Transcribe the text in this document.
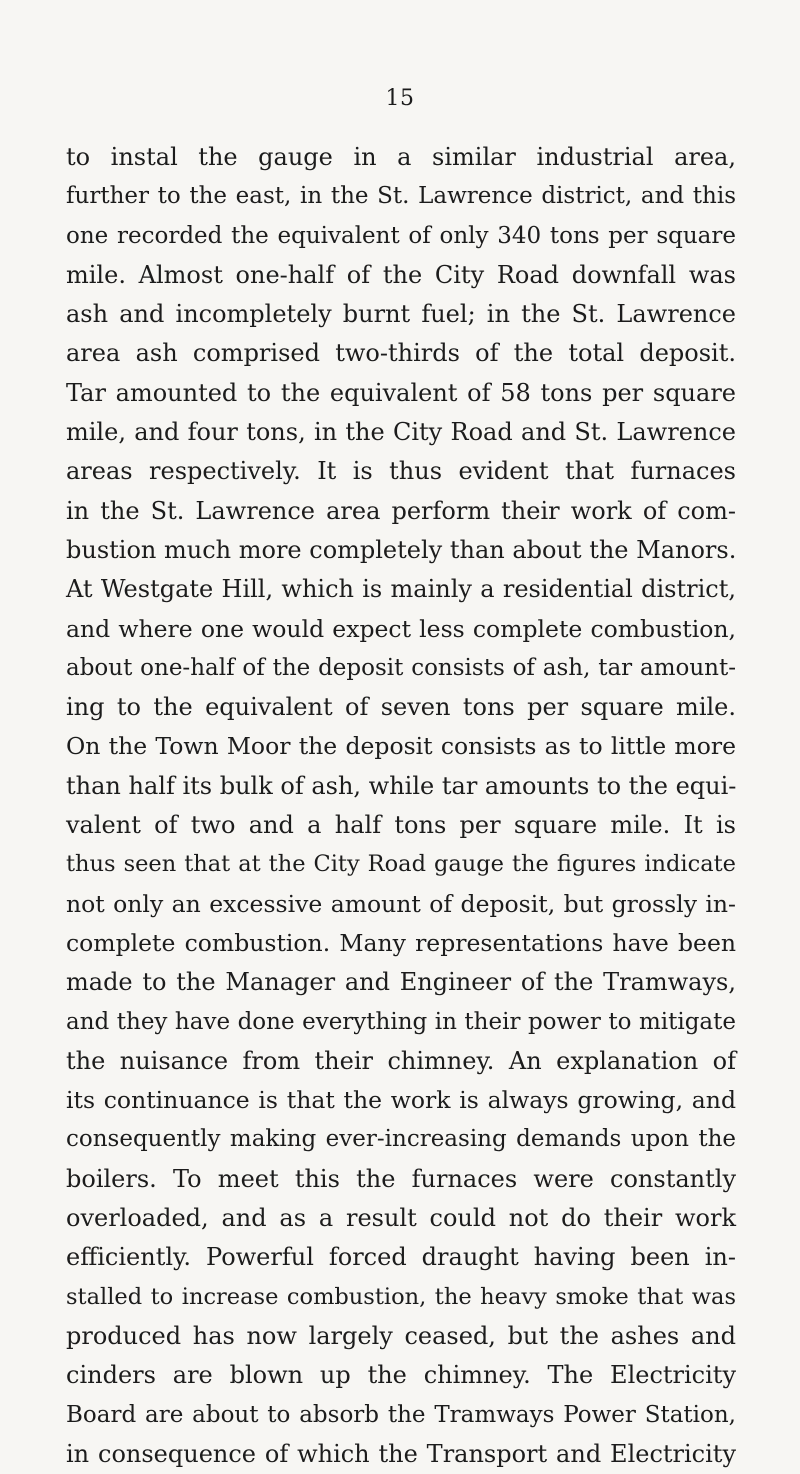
15
to instal the gauge in a similar industrial area,
further to the east, in the St. Lawrence district, and this
one recorded the equivalent of only 340 tons per square
mile. Almost one-half of the City Road downfall was
ash and incompletely burnt fuel; in the St. Lawrence
area ash comprised two-thirds of the total deposit.
Tar amounted to the equivalent of 58 tons per square
mile, and four tons, in the City Road and St. Lawrence
areas respectively. It is thus evident that furnaces
in the St. Lawrence area perform their work of com-
bustion much more completely than about the Manors.
At Westgate Hill, which is mainly a residential district,
and where one would expect less complete combustion,
about one-half of the deposit consists of ash, tar amount-
ing to the equivalent of seven tons per square mile.
On the Town Moor the deposit consists as to little more
than half its bulk of ash, while tar amounts to the equi-
valent of two and a half tons per square mile. It is
thus seen that at the City Road gauge the figures indicate
not only an excessive amount of deposit, but grossly in-
complete combustion. Many representations have been
made to the Manager and Engineer of the Tramways,
and they have done everything in their power to mitigate
the nuisance from their chimney. An explanation of
its continuance is that the work is always growing, and
consequently making ever-increasing demands upon the
boilers. To meet this the furnaces were constantly
overloaded, and as a result could not do their work
efficiently. Powerful forced draught having been in-
stalled to increase combustion, the heavy smoke that was
produced has now largely ceased, but the ashes and
cinders are blown up the chimney. The Electricity
Board are about to absorb the Tramways Power Station,
in consequence of which the Transport and Electricity
